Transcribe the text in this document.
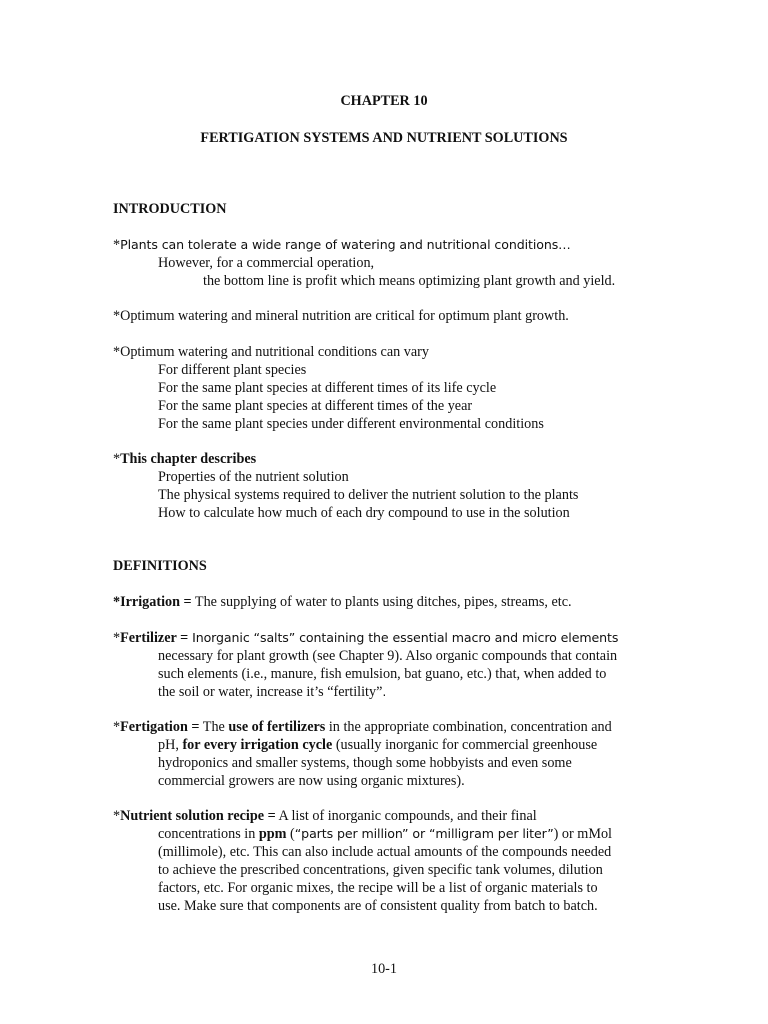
CHAPTER 10
FERTIGATION SYSTEMS AND NUTRIENT SOLUTIONS
INTRODUCTION
*Plants can tolerate a wide range of watering and nutritional conditions…
However, for a commercial operation,
the bottom line is profit which means optimizing plant growth and yield.
*Optimum watering and mineral nutrition are critical for optimum plant growth.
*Optimum watering and nutritional conditions can vary
For different plant species
For the same plant species at different times of its life cycle
For the same plant species at different times of the year
For the same plant species under different environmental conditions
*This chapter describes
Properties of the nutrient solution
The physical systems required to deliver the nutrient solution to the plants
How to calculate how much of each dry compound to use in the solution
DEFINITIONS
*Irrigation = The supplying of water to plants using ditches, pipes, streams, etc.
*Fertilizer = Inorganic “salts” containing the essential macro and micro elements
necessary for plant growth (see Chapter 9). Also organic compounds that contain
such elements (i.e., manure, fish emulsion, bat guano, etc.) that, when added to
the soil or water, increase it’s “fertility”.
*Fertigation = The use of fertilizers in the appropriate combination, concentration and
pH, for every irrigation cycle (usually inorganic for commercial greenhouse
hydroponics and smaller systems, though some hobbyists and even some
commercial growers are now using organic mixtures).
*Nutrient solution recipe = A list of inorganic compounds, and their final
concentrations in ppm (“parts per million” or “milligram per liter”) or mMol
(millimole), etc. This can also include actual amounts of the compounds needed
to achieve the prescribed concentrations, given specific tank volumes, dilution
factors, etc. For organic mixes, the recipe will be a list of organic materials to
use. Make sure that components are of consistent quality from batch to batch.
10-1
